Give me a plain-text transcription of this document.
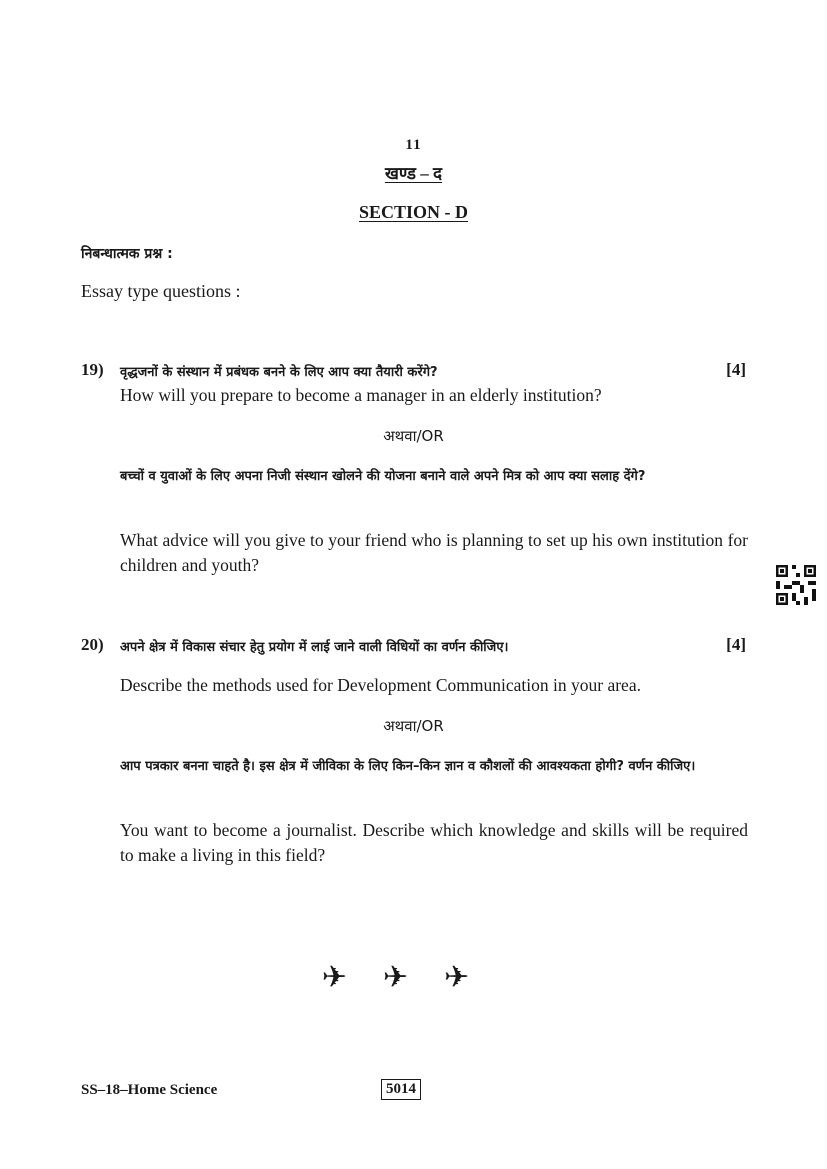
11
खण्ड – द
SECTION - D
निबन्धात्मक प्रश्न :
Essay type questions :
19) वृद्धजनों के संस्थान में प्रबंधक बनने के लिए आप क्या तैयारी करेंगे?	[4]
How will you prepare to become a manager in an elderly institution?
अथवा/OR
बच्चों व युवाओं के लिए अपना निजी संस्थान खोलने की योजना बनाने वाले अपने मित्र को आप क्या सलाह देंगे?
What advice will you give to your friend who is planning to set up his own institution for children and youth?
20) अपने क्षेत्र में विकास संचार हेतु प्रयोग में लाई जाने वाली विधियों का वर्णन कीजिए।	[4]
Describe the methods used for Development Communication in your area.
अथवा/OR
आप पत्रकार बनना चाहते है। इस क्षेत्र में जीविका के लिए किन–किन ज्ञान व कौशलों की आवश्यकता होगी? वर्णन कीजिए।
You want to become a journalist. Describe which knowledge and skills will be required to make a living in this field?
✈✈✈
SS–18–Home Science	5014
